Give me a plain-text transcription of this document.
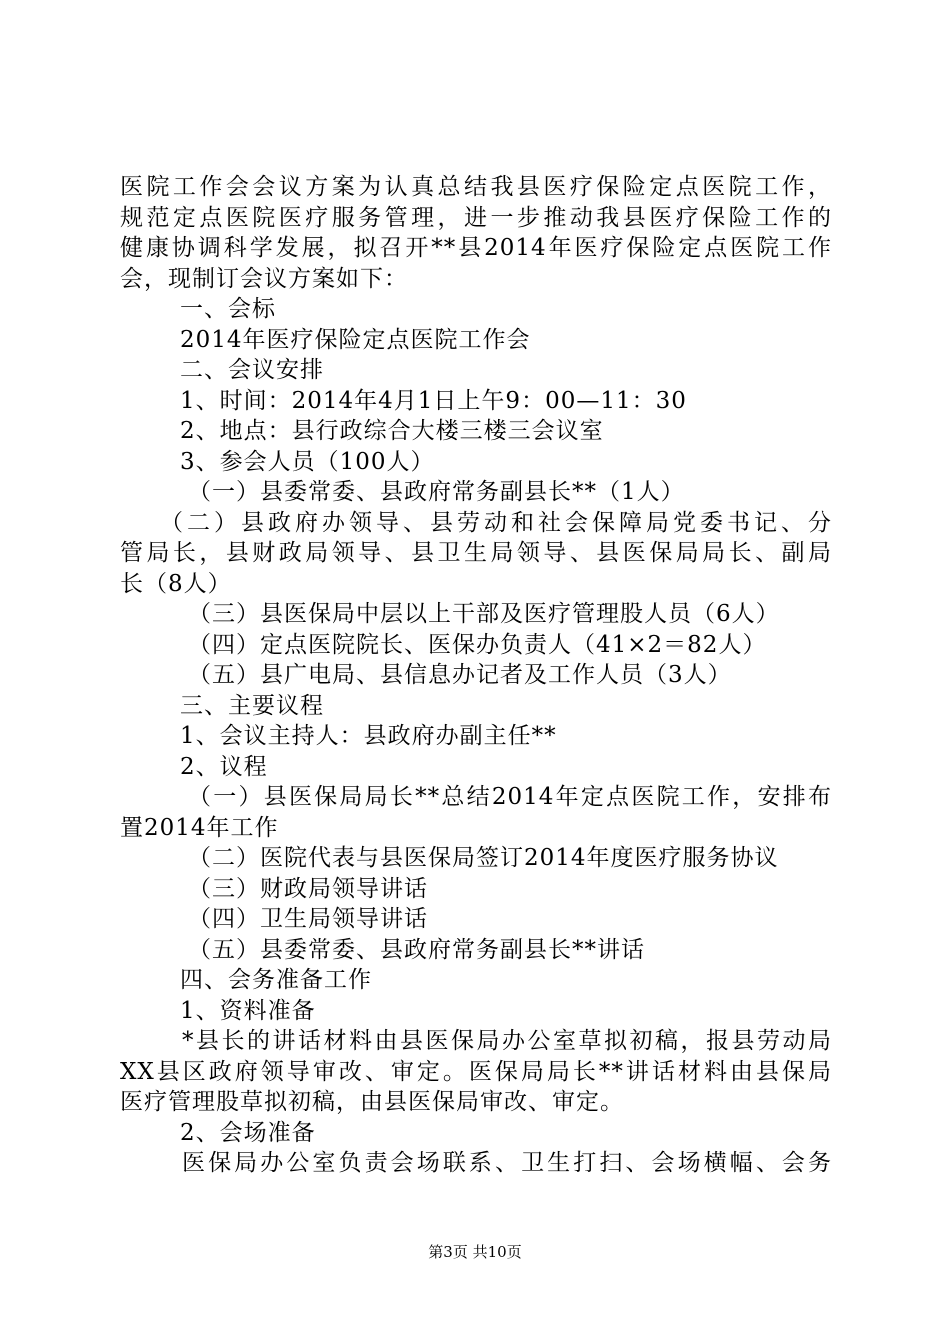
医院工作会会议方案为认真总结我县医疗保险定点医院工作，
规范定点医院医疗服务管理，进一步推动我县医疗保险工作的
健康协调科学发展，拟召开**县2014年医疗保险定点医院工作
会，现制订会议方案如下：
一、会标
2014年医疗保险定点医院工作会
二、会议安排
1、时间：2014年4月1日上午9：00—11：30
2、地点：县行政综合大楼三楼三会议室
3、参会人员（100人）
（一）县委常委、县政府常务副县长**（1人）
（二）县政府办领导、县劳动和社会保障局党委书记、分
管局长，县财政局领导、县卫生局领导、县医保局局长、副局
长（8人）
（三）县医保局中层以上干部及医疗管理股人员（6人）
（四）定点医院院长、医保办负责人（41×2＝82人）
（五）县广电局、县信息办记者及工作人员（3人）
三、主要议程
1、会议主持人：县政府办副主任**
2、议程
（一）县医保局局长**总结2014年定点医院工作，安排布
置2014年工作
（二）医院代表与县医保局签订2014年度医疗服务协议
（三）财政局领导讲话
（四）卫生局领导讲话
（五）县委常委、县政府常务副县长**讲话
四、会务准备工作
1、资料准备
*县长的讲话材料由县医保局办公室草拟初稿，报县劳动局
XX县区政府领导审改、审定。医保局局长**讲话材料由县保局
医疗管理股草拟初稿，由县医保局审改、审定。
2、会场准备
医保局办公室负责会场联系、卫生打扫、会场横幅、会务
第3页 共10页
